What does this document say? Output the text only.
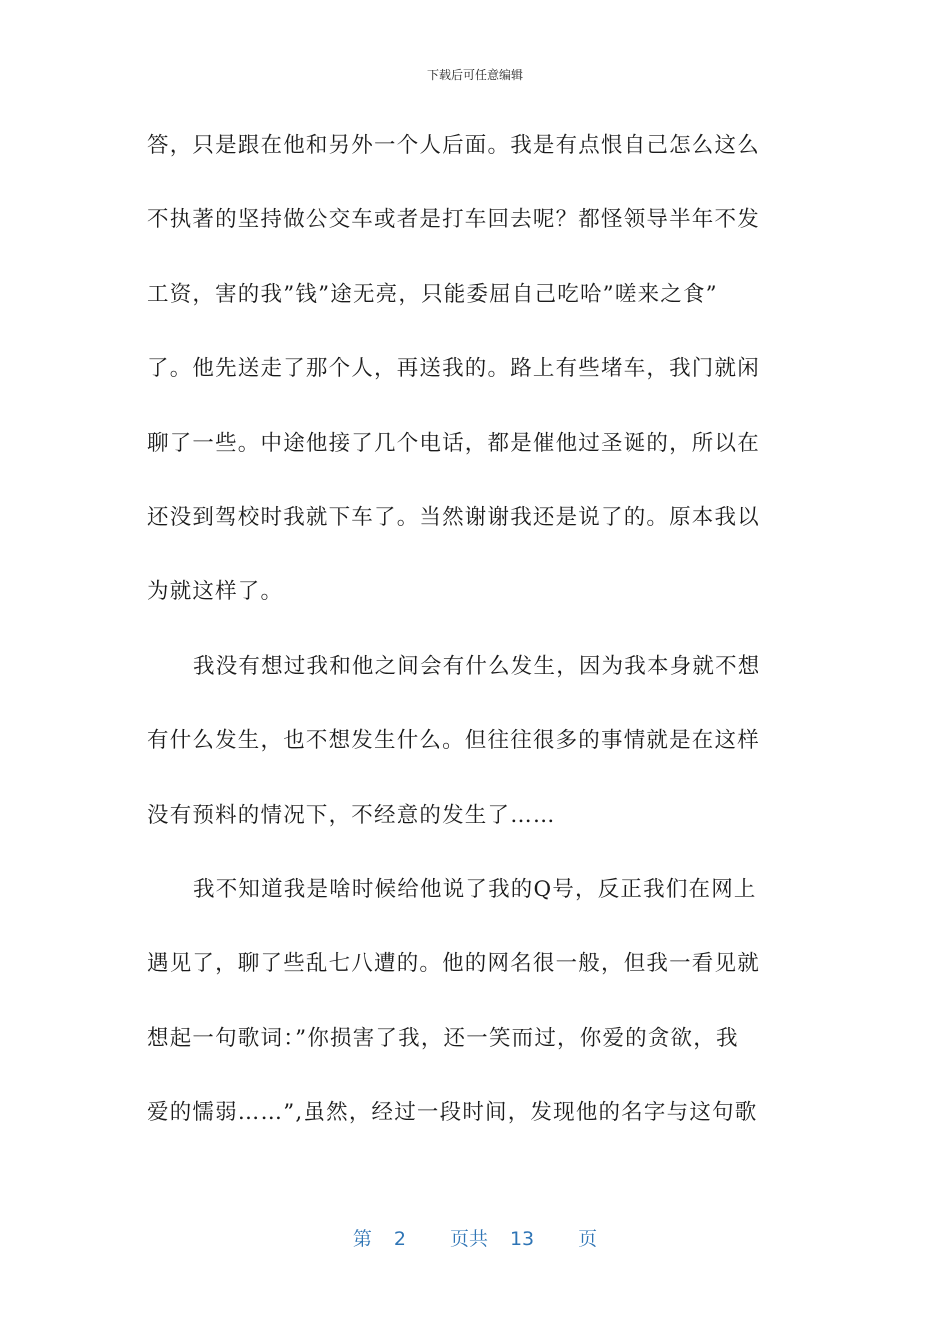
下载后可任意编辑
答，只是跟在他和另外一个人后面。我是有点恨自己怎么这么
不执著的坚持做公交车或者是打车回去呢？都怪领导半年不发
工资，害的我”钱”途无亮，只能委屈自己吃哈”嗟来之食”
了。他先送走了那个人，再送我的。路上有些堵车，我门就闲
聊了一些。中途他接了几个电话，都是催他过圣诞的，所以在
还没到驾校时我就下车了。当然谢谢我还是说了的。原本我以
为就这样了。
我没有想过我和他之间会有什么发生，因为我本身就不想
有什么发生，也不想发生什么。但往往很多的事情就是在这样
没有预料的情况下，不经意的发生了……
我不知道我是啥时候给他说了我的Q号，反正我们在网上
遇见了，聊了些乱七八遭的。他的网名很一般，但我一看见就
想起一句歌词：”你损害了我，还一笑而过，你爱的贪欲，我
爱的懦弱……”,虽然，经过一段时间，发现他的名字与这句歌
第 2 页共 13 页
